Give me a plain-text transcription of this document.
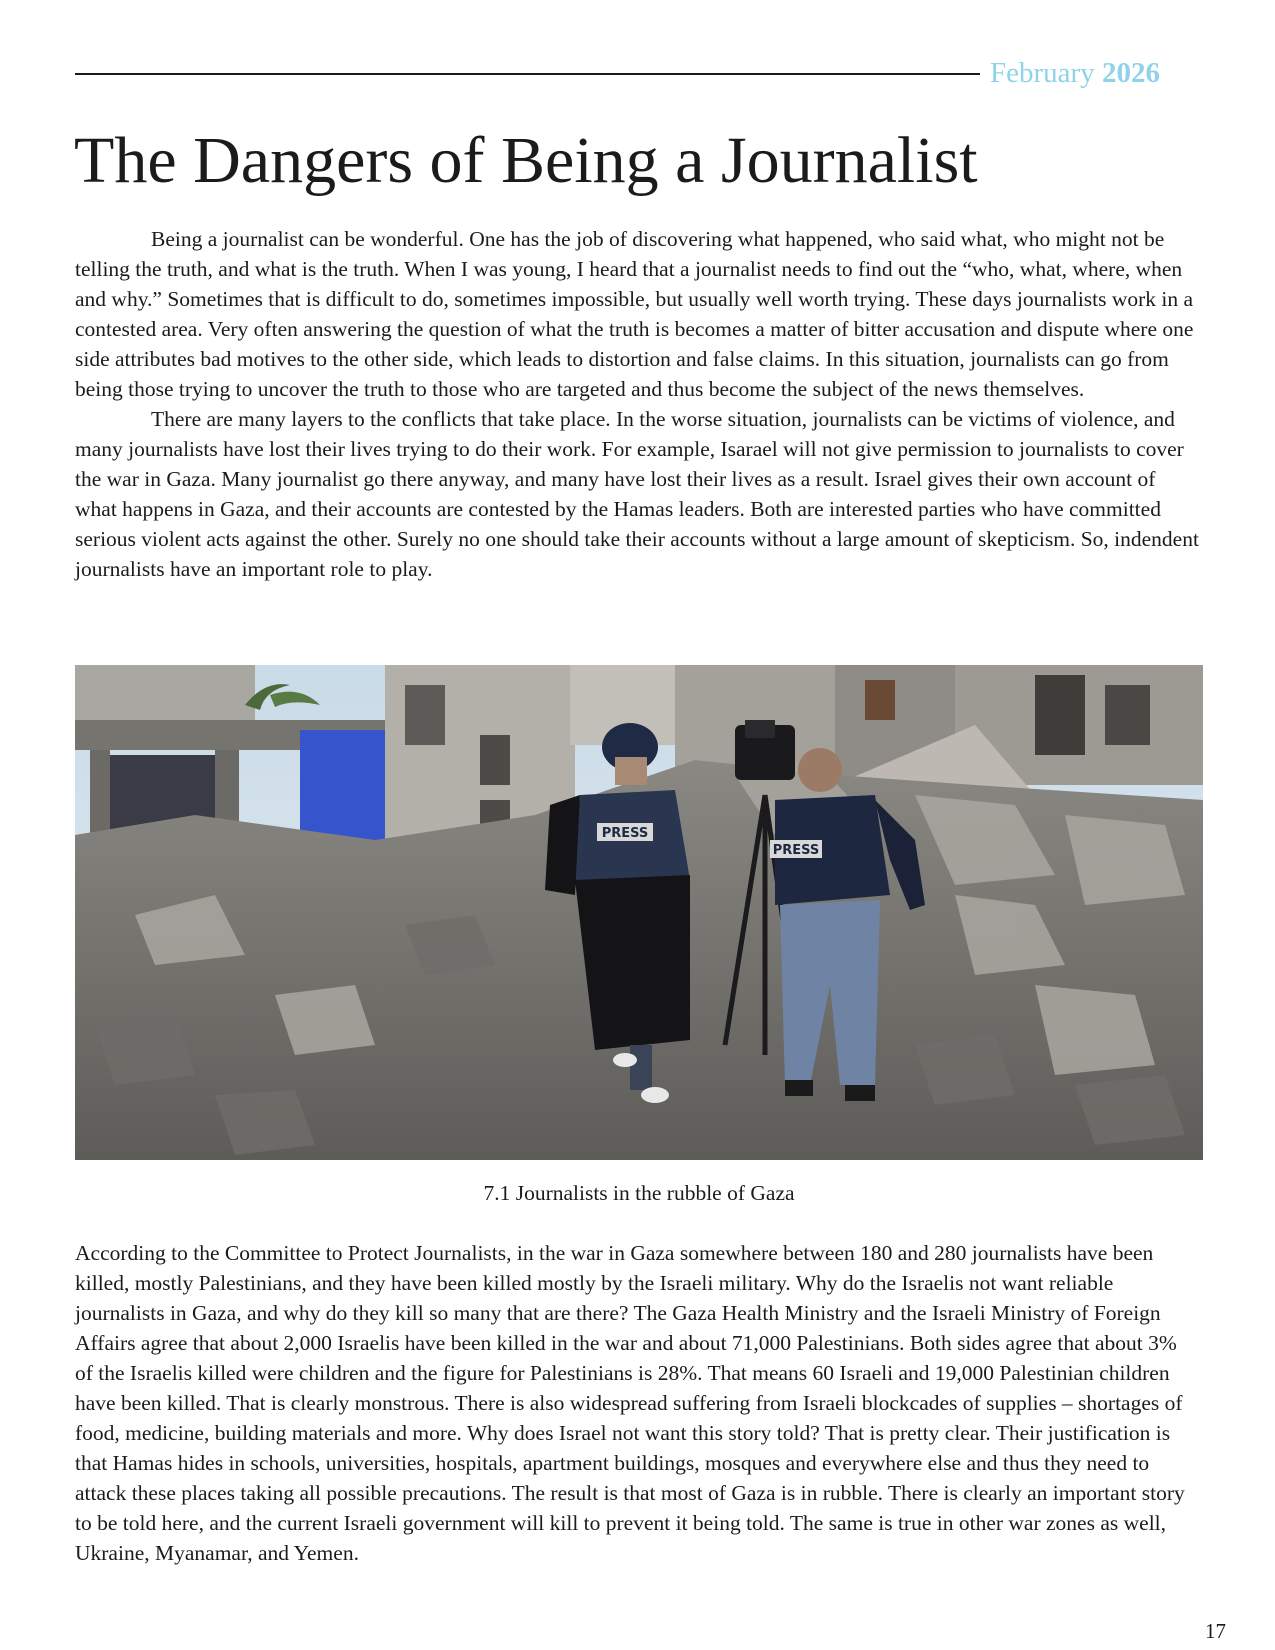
February 2026
The Dangers of Being a Journalist

Being a journalist can be wonderful. One has the job of discovering what happened, who said what, who might not be telling the truth, and what is the truth. When I was young, I heard that a journalist needs to find out the “who, what, where, when and why.” Sometimes that is difficult to do, sometimes impossible, but usually well worth trying. These days journalists work in a contested area. Very often answering the question of what the truth is becomes a matter of bitter accusation and dispute where one side attributes bad motives to the other side, which leads to distortion and false claims. In this situation, journalists can go from being those trying to uncover the truth to those who are targeted and thus become the subject of the news themselves.

There are many layers to the conflicts that take place. In the worse situation, journalists can be victims of violence, and many journalists have lost their lives trying to do their work. For example, Isarael will not give permission to journalists to cover the war in Gaza. Many journalist go there anyway, and many have lost their lives as a result. Israel gives their own account of what happens in Gaza, and their accounts are contested by the Hamas leaders. Both are interested parties who have committed serious violent acts against the other. Surely no one should take their accounts without a large amount of skepticism. So, indendent journalists have an important role to play.

PRESS
PRESS
7.1 Journalists in the rubble of Gaza

According to the Committee to Protect Journalists, in the war in Gaza somewhere between 180 and 280 journalists have been killed, mostly Palestinians, and they have been killed mostly by the Israeli military. Why do the Israelis not want reliable journalists in Gaza, and why do they kill so many that are there? The Gaza Health Ministry and the Israeli Ministry of Foreign Affairs agree that about 2,000 Israelis have been killed in the war and about 71,000 Palestinians. Both sides agree that about 3% of the Israelis killed were children and the figure for Palestinians is 28%. That means 60 Israeli and 19,000 Palestinian children have been killed. That is clearly monstrous. There is also widespread suffering from Israeli blockcades of supplies – shortages of food, medicine, building materials and more. Why does Israel not want this story told? That is pretty clear. Their justification is that Hamas hides in schools, universities, hospitals, apartment buildings, mosques and everywhere else and thus they need to attack these places taking all possible precautions. The result is that most of Gaza is in rubble. There is clearly an important story to be told here, and the current Israeli government will kill to prevent it being told. The same is true in other war zones as well, Ukraine, Myanamar, and Yemen.

17
